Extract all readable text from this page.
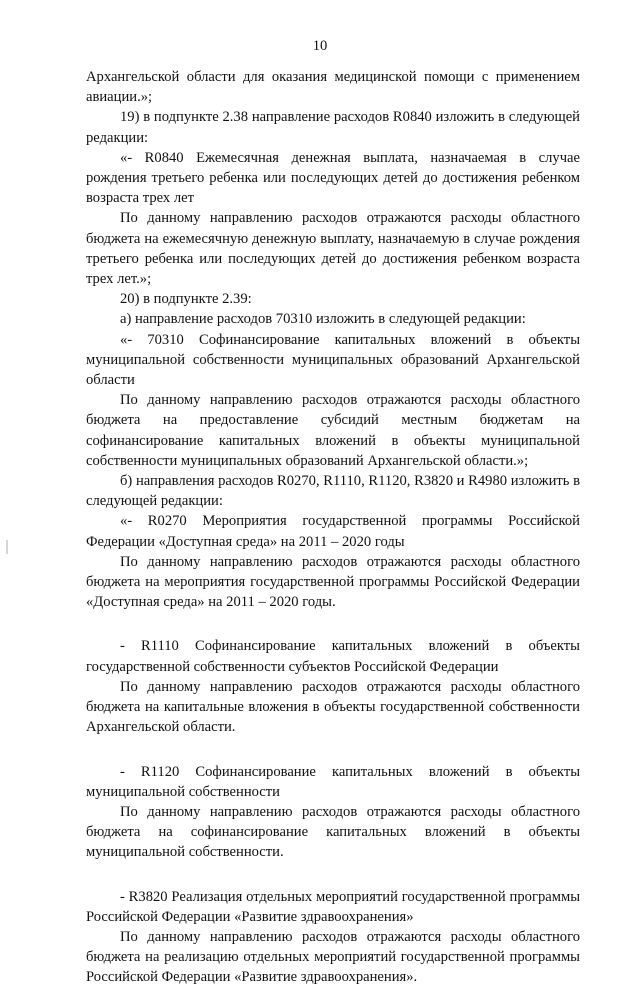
10

Архангельской области для оказания медицинской помощи с применением авиации.»;

19) в подпункте 2.38 направление расходов R0840 изложить в следующей редакции:

«- R0840 Ежемесячная денежная выплата, назначаемая в случае рождения третьего ребенка или последующих детей до достижения ребенком возраста трех лет

По данному направлению расходов отражаются расходы областного бюджета на ежемесячную денежную выплату, назначаемую в случае рождения третьего ребенка или последующих детей до достижения ребенком возраста трех лет.»;

20) в подпункте 2.39:

а) направление расходов 70310 изложить в следующей редакции:

«- 70310 Софинансирование капитальных вложений в объекты муниципальной собственности муниципальных образований Архангельской области

По данному направлению расходов отражаются расходы областного бюджета на предоставление субсидий местным бюджетам на софинансирование капитальных вложений в объекты муниципальной собственности муниципальных образований Архангельской области.»;

б) направления расходов R0270, R1110, R1120, R3820 и R4980 изложить в следующей редакции:

«- R0270 Мероприятия государственной программы Российской Федерации «Доступная среда» на 2011 – 2020 годы

По данному направлению расходов отражаются расходы областного бюджета на мероприятия государственной программы Российской Федерации «Доступная среда» на 2011 – 2020 годы.

- R1110 Софинансирование капитальных вложений в объекты государственной собственности субъектов Российской Федерации

По данному направлению расходов отражаются расходы областного бюджета на капитальные вложения в объекты государственной собственности Архангельской области.

- R1120 Софинансирование капитальных вложений в объекты муниципальной собственности

По данному направлению расходов отражаются расходы областного бюджета на софинансирование капитальных вложений в объекты муниципальной собственности.

- R3820 Реализация отдельных мероприятий государственной программы Российской Федерации «Развитие здравоохранения»

По данному направлению расходов отражаются расходы областного бюджета на реализацию отдельных мероприятий государственной программы Российской Федерации «Развитие здравоохранения».
